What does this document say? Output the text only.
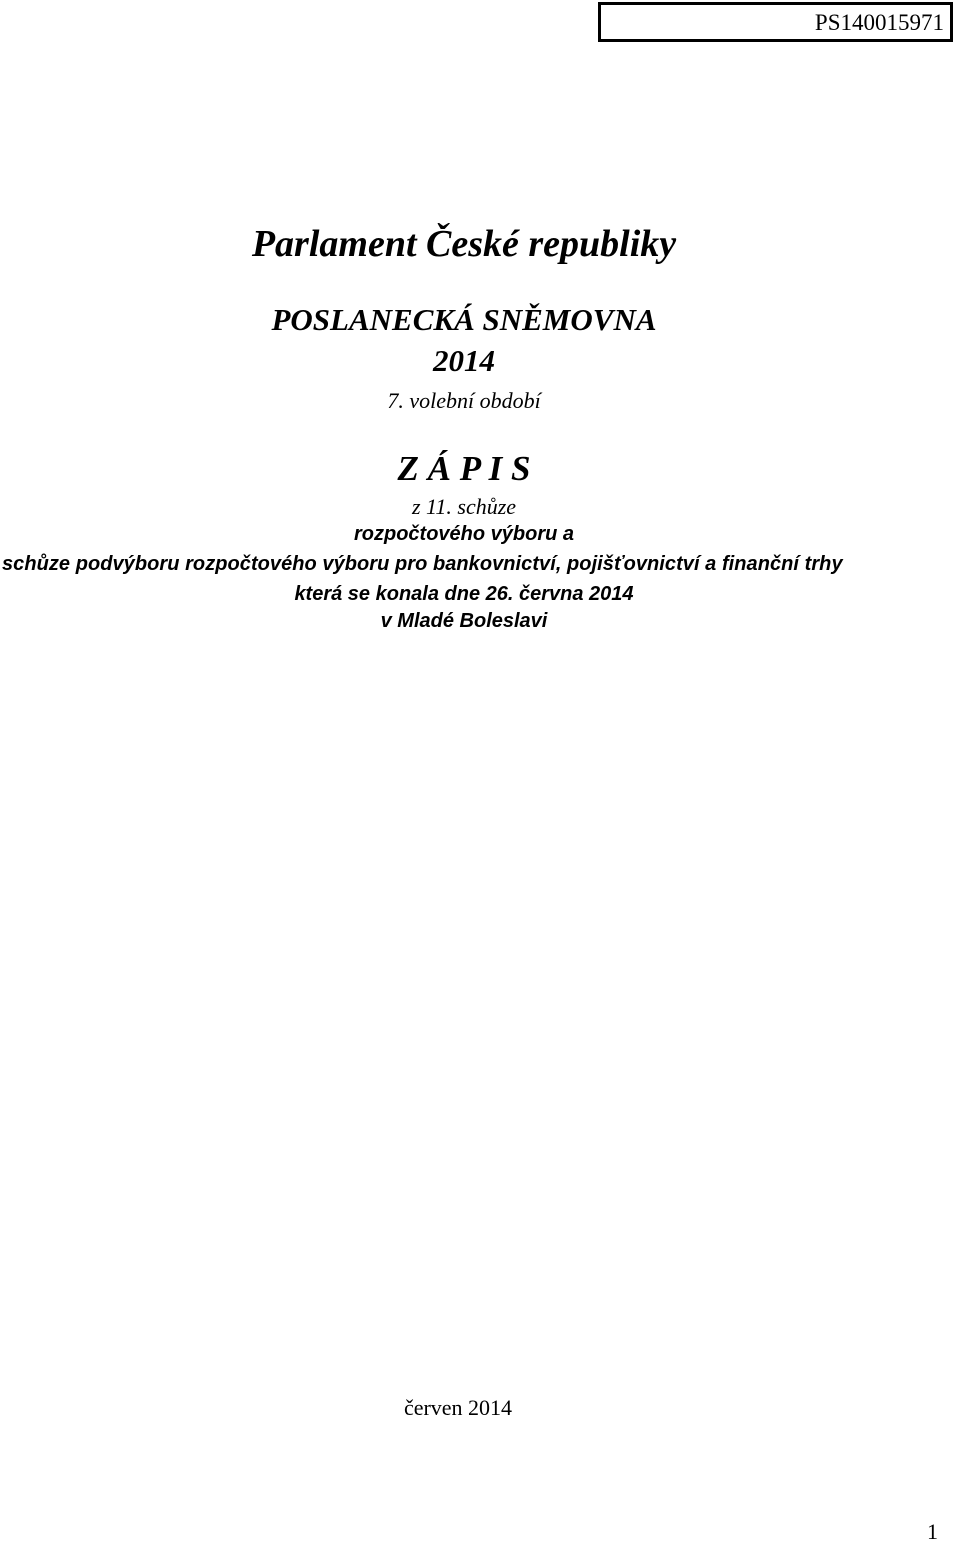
PS140015971
Parlament České republiky
POSLANECKÁ SNĚMOVNA
2014
7. volební období
Z Á P I S
z 11. schůze
rozpočtového výboru a
schůze podvýboru rozpočtového výboru pro bankovnictví, pojišťovnictví a finanční trhy
která se konala dne 26. června 2014
v Mladé Boleslavi
červen 2014
1
